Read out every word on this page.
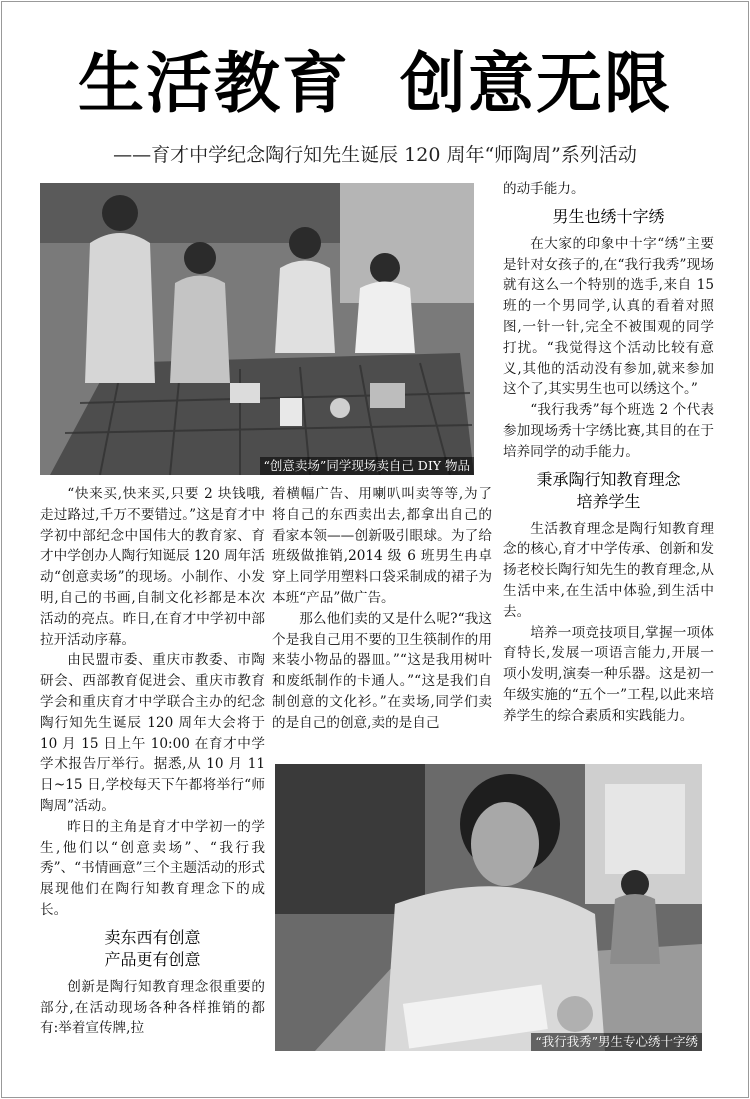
生活教育  创意无限
——育才中学纪念陶行知先生诞辰 120 周年“师陶周”系列活动
“创意卖场”同学现场卖自己 DIY 物品

“快来买,快来买,只要 2 块钱哦,走过路过,千万不要错过。”这是育才中学初中部纪念中国伟大的教育家、育才中学创办人陶行知诞辰 120 周年活动“创意卖场”的现场。小制作、小发明,自己的书画,自制文化衫都是本次活动的亮点。昨日,在育才中学初中部拉开活动序幕。

由民盟市委、重庆市教委、市陶研会、西部教育促进会、重庆市教育学会和重庆育才中学联合主办的纪念陶行知先生诞辰 120 周年大会将于 10 月 15 日上午 10:00 在育才中学学术报告厅举行。据悉,从 10 月 11 日~15 日,学校每天下午都将举行“师陶周”活动。

昨日的主角是育才中学初一的学生,他们以“创意卖场”、“我行我秀”、“书情画意”三个主题活动的形式展现他们在陶行知教育理念下的成长。

卖东西有创意
产品更有创意

创新是陶行知教育理念很重要的部分,在活动现场各种各样推销的都有:举着宣传牌,拉

着横幅广告、用喇叭叫卖等等,为了将自己的东西卖出去,都拿出自己的看家本领——创新吸引眼球。为了给班级做推销,2014 级 6 班男生冉卓穿上同学用塑料口袋采制成的裙子为本班“产品”做广告。

那么他们卖的又是什么呢?“我这个是我自己用不要的卫生筷制作的用来装小物品的器皿。”“这是我用树叶和废纸制作的卡通人。”“这是我们自制创意的文化衫。”在卖场,同学们卖的是自己的创意,卖的是自己

的动手能力。

男生也绣十字绣

在大家的印象中十字“绣”主要是针对女孩子的,在“我行我秀”现场就有这么一个特别的选手,来自 15 班的一个男同学,认真的看着对照图,一针一针,完全不被围观的同学打扰。“我觉得这个活动比较有意义,其他的活动没有参加,就来参加这个了,其实男生也可以绣这个。”

“我行我秀”每个班选 2 个代表参加现场秀十字绣比赛,其目的在于培养同学的动手能力。

秉承陶行知教育理念
培养学生

生活教育理念是陶行知教育理念的核心,育才中学传承、创新和发扬老校长陶行知先生的教育理念,从生活中来,在生活中体验,到生活中去。

培养一项竞技项目,掌握一项体育特长,发展一项语言能力,开展一项小发明,演奏一种乐器。这是初一年级实施的“五个一”工程,以此来培养学生的综合素质和实践能力。

“我行我秀”男生专心绣十字绣
